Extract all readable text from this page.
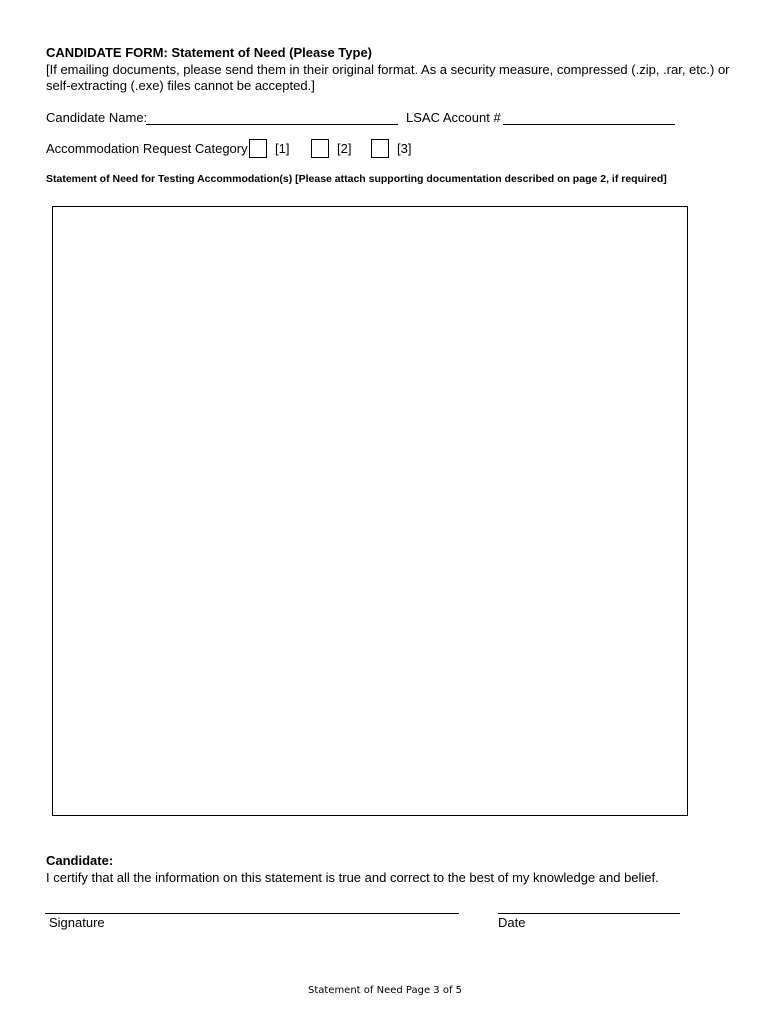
CANDIDATE FORM: Statement of Need (Please Type)
[If emailing documents, please send them in their original format. As a security measure, compressed (.zip, .rar, etc.) or self-extracting (.exe) files cannot be accepted.]
Candidate Name:	LSAC Account #
Accommodation Request Category [1]	[2]	[3]
Statement of Need for Testing Accommodation(s) [Please attach supporting documentation described on page 2, if required]
Candidate:
I certify that all the information on this statement is true and correct to the best of my knowledge and belief.
Signature	Date
Statement of Need Page 3 of 5
